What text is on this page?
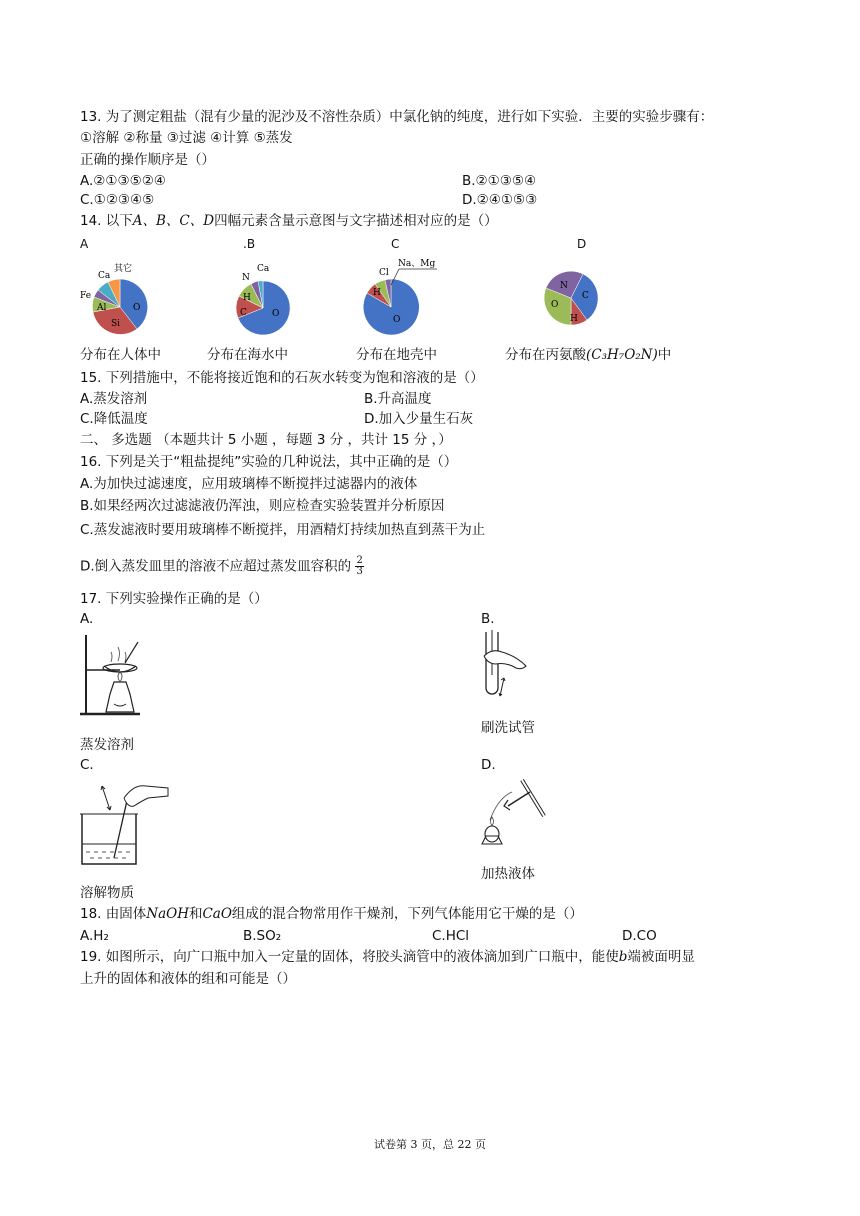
13. 为了测定粗盐（混有少量的泥沙及不溶性杂质）中氯化钠的纯度，进行如下实验．主要的实验步骤有：
①溶解 ②称量 ③过滤 ④计算 ⑤蒸发
正确的操作顺序是（）
A.②①③⑤②④	B.②①③⑤④
C.①②③④⑤	D.②④①⑤③
14. 以下A、B、C、D四幅元素含量示意图与文字描述相对应的是（）
A	.B	C	D
其它
Ca
Fe
Al
Si
O
Ca
N
H
C	O
Na、Mg
Cl
H
O
N
C
O
H
分布在人体中	分布在海水中	分布在地壳中	分布在丙氨酸(C₃H₇O₂N)中
15. 下列措施中，不能将接近饱和的石灰水转变为饱和溶液的是（）
A.蒸发溶剂	B.升高温度
C.降低温度	D.加入少量生石灰
二、 多选题 （本题共计 5 小题 ，每题 3 分 ，共计 15 分 ，）
16. 下列是关于“粗盐提纯”实验的几种说法，其中正确的是（）
A.为加快过滤速度，应用玻璃棒不断搅拌过滤器内的液体
B.如果经两次过滤滤液仍浑浊，则应检查实验装置并分析原因
C.蒸发滤液时要用玻璃棒不断搅拌，用酒精灯持续加热直到蒸干为止
D.倒入蒸发皿里的溶液不应超过蒸发皿容积的 $\frac{2}{3}$
17. 下列实验操作正确的是（）
A.	B.
刷洗试管
蒸发溶剂
C.	D.
加热液体
溶解物质
18. 由固体NaOH和CaO组成的混合物常用作干燥剂，下列气体能用它干燥的是（）
A.H₂	B.SO₂	C.HCl	D.CO
19. 如图所示，向广口瓶中加入一定量的固体，将胶头滴管中的液体滴加到广口瓶中，能使b端被面明显
上升的固体和液体的组和可能是（）
试卷第 3 页，总 22 页
